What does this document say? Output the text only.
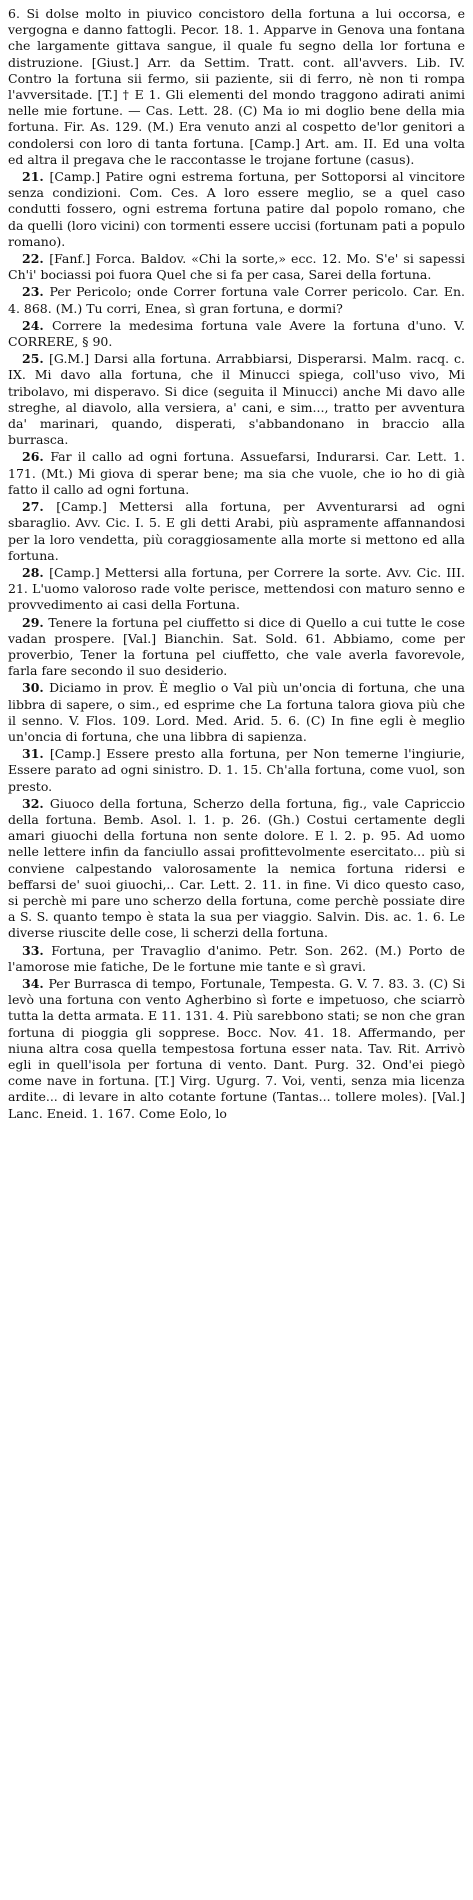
6. Si dolse molto in piuvico concistoro della fortuna a lui occorsa, e vergogna e danno fattogli. Pecor. 18. 1. Apparve in Genova una fontana che largamente gittava sangue, il quale fu segno della lor fortuna e distruzione. [Giust.] Arr. da Settim. Tratt. cont. all'avvers. Lib. IV. Contro la fortuna sii fermo, sii paziente, sii di ferro, nè non ti rompa l'avversitade. [T.] † E 1. Gli elementi del mondo traggono adirati animi nelle mie fortune. — Cas. Lett. 28. (C) Ma io mi doglio bene della mia fortuna. Fir. As. 129. (M.) Era venuto anzi al cospetto de'lor genitori a condolersi con loro di tanta fortuna. [Camp.] Art. am. II. Ed una volta ed altra il pregava che le raccontasse le trojane fortune (casus).

21. [Camp.] Patire ogni estrema fortuna, per Sottoporsi al vincitore senza condizioni. Com. Ces. A loro essere meglio, se a quel caso condutti fossero, ogni estrema fortuna patire dal popolo romano, che da quelli (loro vicini) con tormenti essere uccisi (fortunam pati a populo romano).

22. [Fanf.] Forca. Baldov. «Chi la sorte,» ecc. 12. Mo. S'e' si sapessi Ch'i' bociassi poi fuora Quel che si fa per casa, Sarei della fortuna.

23. Per Pericolo; onde Correr fortuna vale Correr pericolo. Car. En. 4. 868. (M.) Tu corri, Enea, sì gran fortuna, e dormi?

24. Correre la medesima fortuna vale Avere la fortuna d'uno. V. CORRERE, § 90.

25. [G.M.] Darsi alla fortuna. Arrabbiarsi, Disperarsi. Malm. racq. c. IX. Mi davo alla fortuna, che il Minucci spiega, coll'uso vivo, Mi tribolavo, mi disperavo. Si dice (seguita il Minucci) anche Mi davo alle streghe, al diavolo, alla versiera, a' cani, e sim..., tratto per avventura da' marinari, quando, disperati, s'abbandonano in braccio alla burrasca.

26. Far il callo ad ogni fortuna. Assuefarsi, Indurarsi. Car. Lett. 1. 171. (Mt.) Mi giova di sperar bene; ma sia che vuole, che io ho di già fatto il callo ad ogni fortuna.

27. [Camp.] Mettersi alla fortuna, per Avventurarsi ad ogni sbaraglio. Avv. Cic. I. 5. E gli detti Arabi, più aspramente affannandosi per la loro vendetta, più coraggiosamente alla morte si mettono ed alla fortuna.

28. [Camp.] Mettersi alla fortuna, per Correre la sorte. Avv. Cic. III. 21. L'uomo valoroso rade volte perisce, mettendosi con maturo senno e provvedimento ai casi della Fortuna.

29. Tenere la fortuna pel ciuffetto si dice di Quello a cui tutte le cose vadan prospere. [Val.] Bianchin. Sat. Sold. 61. Abbiamo, come per proverbio, Tener la fortuna pel ciuffetto, che vale averla favorevole, farla fare secondo il suo desiderio.

30. Diciamo in prov. È meglio o Val più un'oncia di fortuna, che una libbra di sapere, o sim., ed esprime che La fortuna talora giova più che il senno. V. Flos. 109. Lord. Med. Arid. 5. 6. (C) In fine egli è meglio un'oncia di fortuna, che una libbra di sapienza.

31. [Camp.] Essere presto alla fortuna, per Non temerne l'ingiurie, Essere parato ad ogni sinistro. D. 1. 15. Ch'alla fortuna, come vuol, son presto.

32. Giuoco della fortuna, Scherzo della fortuna, fig., vale Capriccio della fortuna. Bemb. Asol. l. 1. p. 26. (Gh.) Costui certamente degli amari giuochi della fortuna non sente dolore. E l. 2. p. 95. Ad uomo nelle lettere infin da fanciullo assai profittevolmente esercitato... più si conviene calpestando valorosamente la nemica fortuna ridersi e beffarsi de' suoi giuochi,.. Car. Lett. 2. 11. in fine. Vi dico questo caso, si perchè mi pare uno scherzo della fortuna, come perchè possiate dire a S. S. quanto tempo è stata la sua per viaggio. Salvin. Dis. ac. 1. 6. Le diverse riuscite delle cose, li scherzi della fortuna.

33. Fortuna, per Travaglio d'animo. Petr. Son. 262. (M.) Porto de l'amorose mie fatiche, De le fortune mie tante e sì gravi.

34. Per Burrasca di tempo, Fortunale, Tempesta. G. V. 7. 83. 3. (C) Si levò una fortuna con vento Agherbino sì forte e impetuoso, che sciarrò tutta la detta armata. E 11. 131. 4. Più sarebbono stati; se non che gran fortuna di pioggia gli soppresе. Bocc. Nov. 41. 18. Affermando, per niuna altra cosa quella tempestosa fortuna esser nata. Tav. Rit. Arrivò egli in quell'isola per fortuna di vento. Dant. Purg. 32. Ond'ei piegò come nave in fortuna. [T.] Virg. Ugurg. 7. Voi, venti, senza mia licenza ardite... di levare in alto cotante fortune (Tantas... tollere moles). [Val.] Lanc. Eneid. 1. 167. Come Eolo, lo
